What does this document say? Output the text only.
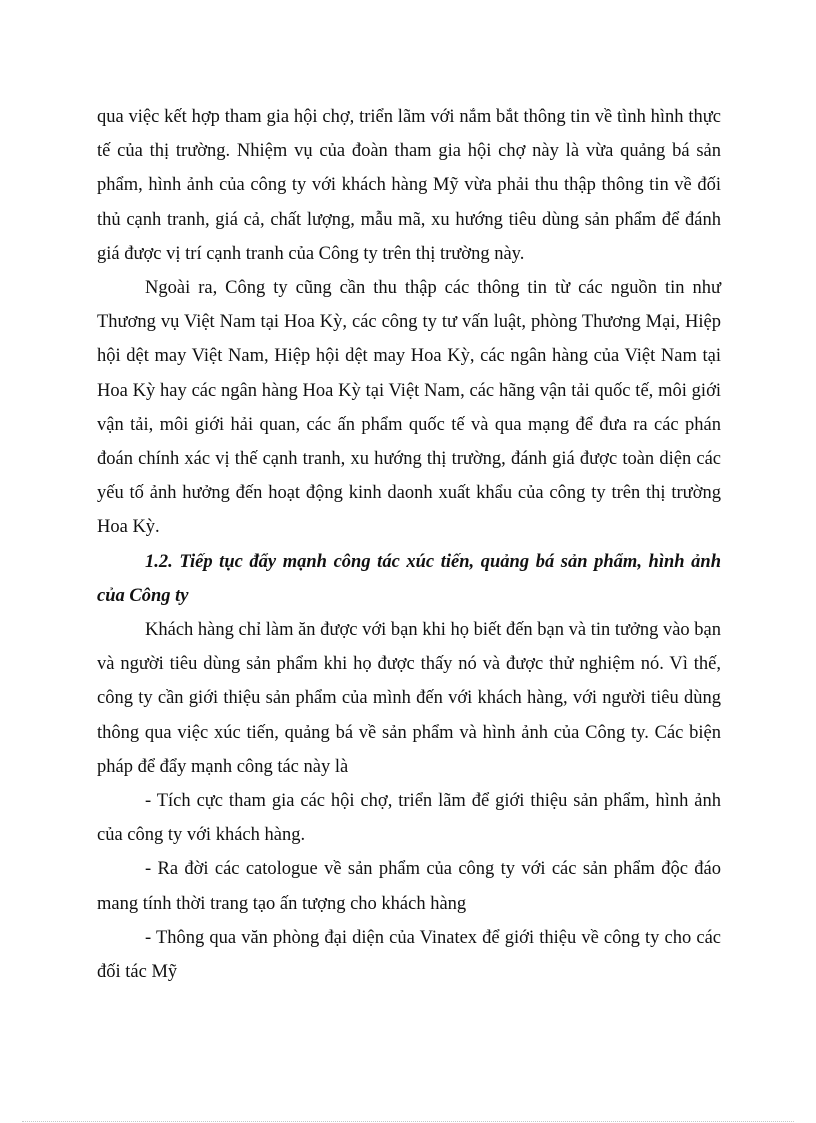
qua việc kết hợp tham gia hội chợ, triển lãm với nắm bắt thông tin về tình hình thực tế của thị trường. Nhiệm vụ của đoàn tham gia hội chợ này là vừa quảng bá sản phẩm, hình ảnh của công ty với khách hàng Mỹ vừa phải thu thập thông tin về đối thủ cạnh tranh, giá cả, chất lượng, mẫu mã, xu hướng tiêu dùng sản phẩm để đánh giá được vị trí cạnh tranh của Công ty trên thị trường này.

Ngoài ra, Công ty cũng cần thu thập các thông tin từ các nguồn tin như Thương vụ Việt Nam tại Hoa Kỳ, các công ty tư vấn luật, phòng Thương Mại, Hiệp hội dệt may Việt Nam, Hiệp hội dệt may Hoa Kỳ, các ngân hàng của Việt Nam tại Hoa Kỳ hay các ngân hàng Hoa Kỳ tại Việt Nam, các hãng vận tải quốc tế, môi giới vận tải, môi giới hải quan, các ấn phẩm quốc tế và qua mạng để đưa ra các phán đoán chính xác vị thế cạnh tranh, xu hướng thị trường, đánh giá được toàn diện các yếu tố ảnh hưởng đến hoạt động kinh daonh xuất khẩu của công ty trên thị trường Hoa Kỳ.

1.2. Tiếp tục đẩy mạnh công tác xúc tiến, quảng bá sản phẩm, hình ảnh của Công ty

Khách hàng chỉ làm ăn được với bạn khi họ biết đến bạn và tin tưởng vào bạn và người tiêu dùng sản phẩm khi họ được thấy nó và được thử nghiệm nó. Vì thế, công ty cần giới thiệu sản phẩm của mình đến với khách hàng, với người tiêu dùng thông qua việc xúc tiến, quảng bá về sản phẩm và hình ảnh của Công ty. Các biện pháp để đẩy mạnh công tác này là

- Tích cực tham gia các hội chợ, triển lãm để giới thiệu sản phẩm, hình ảnh của công ty với khách hàng.

- Ra đời các catologue về sản phẩm của công ty với các sản phẩm độc đáo mang tính thời trang tạo ấn tượng cho khách hàng

- Thông qua văn phòng đại diện của Vinatex để giới thiệu về công ty cho các đối tác Mỹ
